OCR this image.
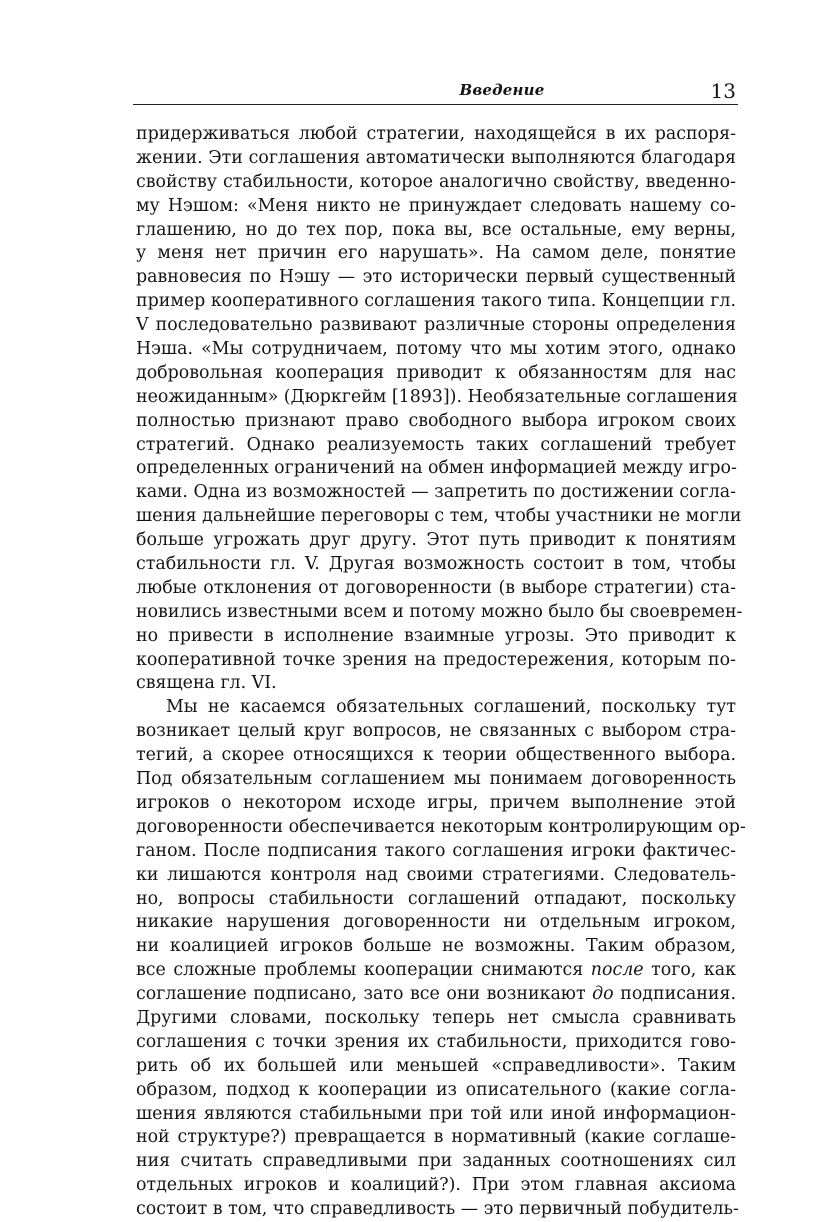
Введение	13
придерживаться любой стратегии, находящейся в их распоря-
жении. Эти соглашения автоматически выполняются благодаря
свойству стабильности, которое аналогично свойству, введенно-
му Нэшом: «Меня никто не принуждает следовать нашему со-
глашению, но до тех пор, пока вы, все остальные, ему верны,
у меня нет причин его нарушать». На самом деле, понятие
равновесия по Нэшу — это исторически первый существенный
пример кооперативного соглашения такого типа. Концепции гл.
V последовательно развивают различные стороны определения
Нэша. «Мы сотрудничаем, потому что мы хотим этого, однако
добровольная кооперация приводит к обязанностям для нас
неожиданным» (Дюркгейм [1893]). Необязательные соглашения
полностью признают право свободного выбора игроком своих
стратегий. Однако реализуемость таких соглашений требует
определенных ограничений на обмен информацией между игро-
ками. Одна из возможностей — запретить по достижении согла-
шения дальнейшие переговоры с тем, чтобы участники не могли
больше угрожать друг другу. Этот путь приводит к понятиям
стабильности гл. V. Другая возможность состоит в том, чтобы
любые отклонения от договоренности (в выборе стратегии) ста-
новились известными всем и потому можно было бы своевремен-
но привести в исполнение взаимные угрозы. Это приводит к
кооперативной точке зрения на предостережения, которым по-
священа гл. VI.
Мы не касаемся обязательных соглашений, поскольку тут
возникает целый круг вопросов, не связанных с выбором стра-
тегий, а скорее относящихся к теории общественного выбора.
Под обязательным соглашением мы понимаем договоренность
игроков о некотором исходе игры, причем выполнение этой
договоренности обеспечивается некоторым контролирующим ор-
ганом. После подписания такого соглашения игроки фактичес-
ки лишаются контроля над своими стратегиями. Следователь-
но, вопросы стабильности соглашений отпадают, поскольку
никакие нарушения договоренности ни отдельным игроком,
ни коалицией игроков больше не возможны. Таким образом,
все сложные проблемы кооперации снимаются после того, как
соглашение подписано, зато все они возникают до подписания.
Другими словами, поскольку теперь нет смысла сравнивать
соглашения с точки зрения их стабильности, приходится гово-
рить об их большей или меньшей «справедливости». Таким
образом, подход к кооперации из описательного (какие согла-
шения являются стабильными при той или иной информацион-
ной структуре?) превращается в нормативный (какие соглаше-
ния считать справедливыми при заданных соотношениях сил
отдельных игроков и коалиций?). При этом главная аксиома
состоит в том, что справедливость — это первичный побудитель-
